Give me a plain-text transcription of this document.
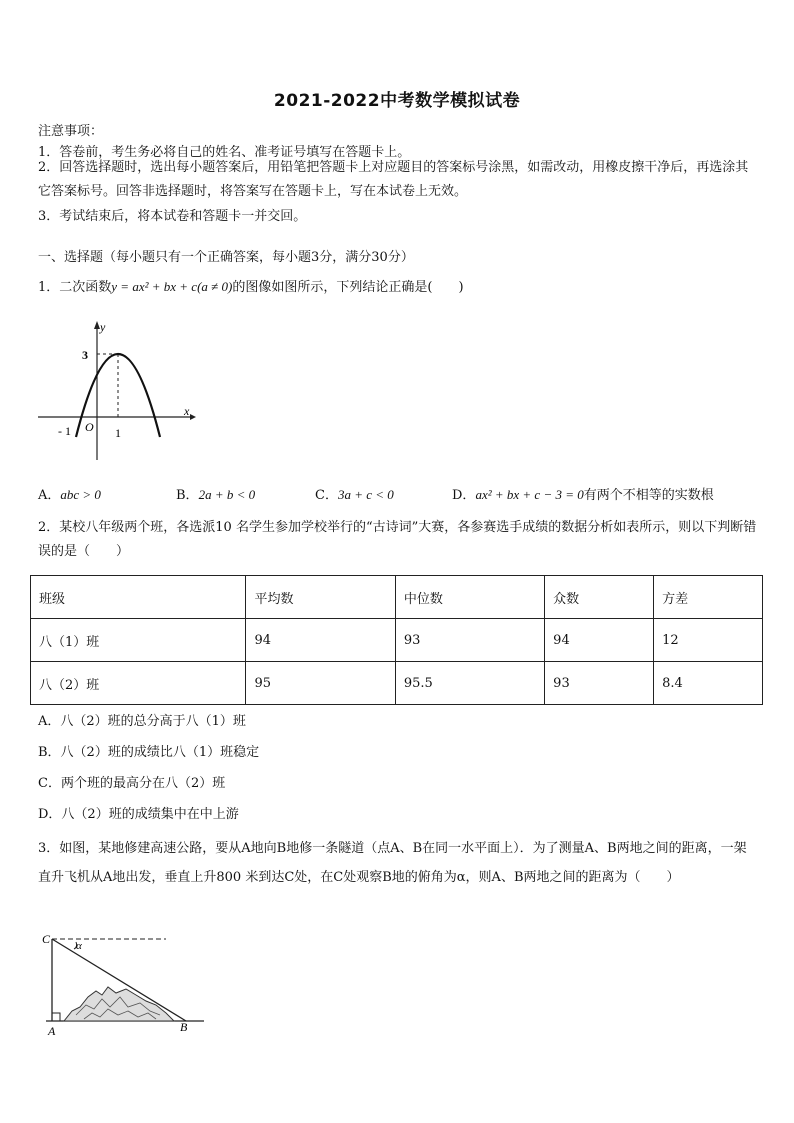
2021-2022中考数学模拟试卷
注意事项：
1．答卷前，考生务必将自己的姓名、准考证号填写在答题卡上。
2．回答选择题时，选出每小题答案后，用铅笔把答题卡上对应题目的答案标号涂黑，如需改动，用橡皮擦干净后，再选涂其它答案标号。回答非选择题时，将答案写在答题卡上，写在本试卷上无效。
3．考试结束后，将本试卷和答题卡一并交回。
一、选择题（每小题只有一个正确答案，每小题3分，满分30分）
1．二次函数y = ax² + bx + c(a ≠ 0)的图像如图所示，下列结论正确是(　　)
y
x
3
- 1 O 1
A．abc > 0	B．2a + b < 0	C．3a + c < 0	D．ax² + bx + c − 3 = 0有两个不相等的实数根
2．某校八年级两个班，各选派10 名学生参加学校举行的“古诗词”大赛，各参赛选手成绩的数据分析如表所示，则以下判断错误的是（　　）
班级	平均数	中位数	众数	方差
八（1）班	94	93	94	12
八（2）班	95	95.5	93	8.4
A．八（2）班的总分高于八（1）班
B．八（2）班的成绩比八（1）班稳定
C．两个班的最高分在八（2）班
D．八（2）班的成绩集中在中上游
3．如图，某地修建高速公路，要从A地向B地修一条隧道（点A、B在同一水平面上）．为了测量A、B两地之间的距离，一架直升飞机从A地出发，垂直上升800 米到达C处，在C处观察B地的俯角为α，则A、B两地之间的距离为（　　）
C α
A	B
